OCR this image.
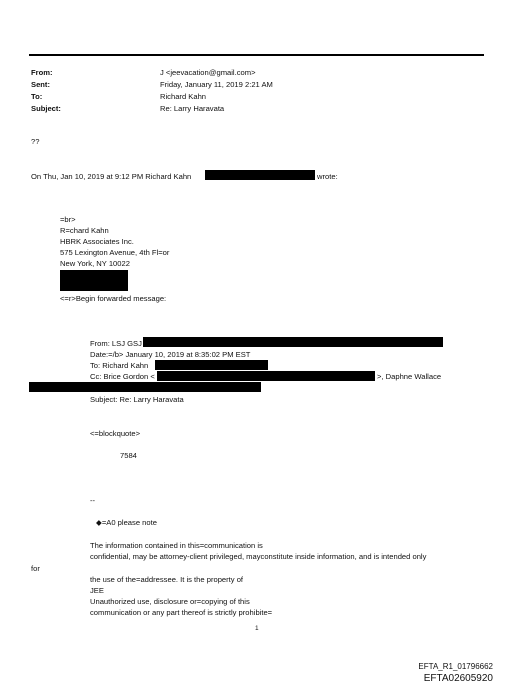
From:	J <jeevacation@gmail.com>
Sent:	Friday, January 11, 2019 2:21 AM
To:	Richard Kahn
Subject:	Re: Larry Haravata
??
On Thu, Jan 10, 2019 at 9:12 PM Richard Kahn	wrote:
=br>
R=chard Kahn
HBRK Associates Inc.
575 Lexington Avenue, 4th Fl=or
New York, NY 10022
<=r>Begin forwarded message:
From: LSJ GSJ
Date:=/b> January 10, 2019 at 8:35:02 PM EST
To: Richard Kahn
Cc: Brice Gordon <	>, Daphne Wallace
Subject: Re: Larry Haravata
<=blockquote>
7584
--
◆=A0 please note
The information contained in this=communication is
confidential, may be attorney-client privileged, mayconstitute inside information, and is intended only
for
the use of the=addressee. It is the property of
JEE
Unauthorized use, disclosure or=copying of this
communication or any part thereof is strictly prohibite=
1
EFTA_R1_01796662
EFTA02605920
